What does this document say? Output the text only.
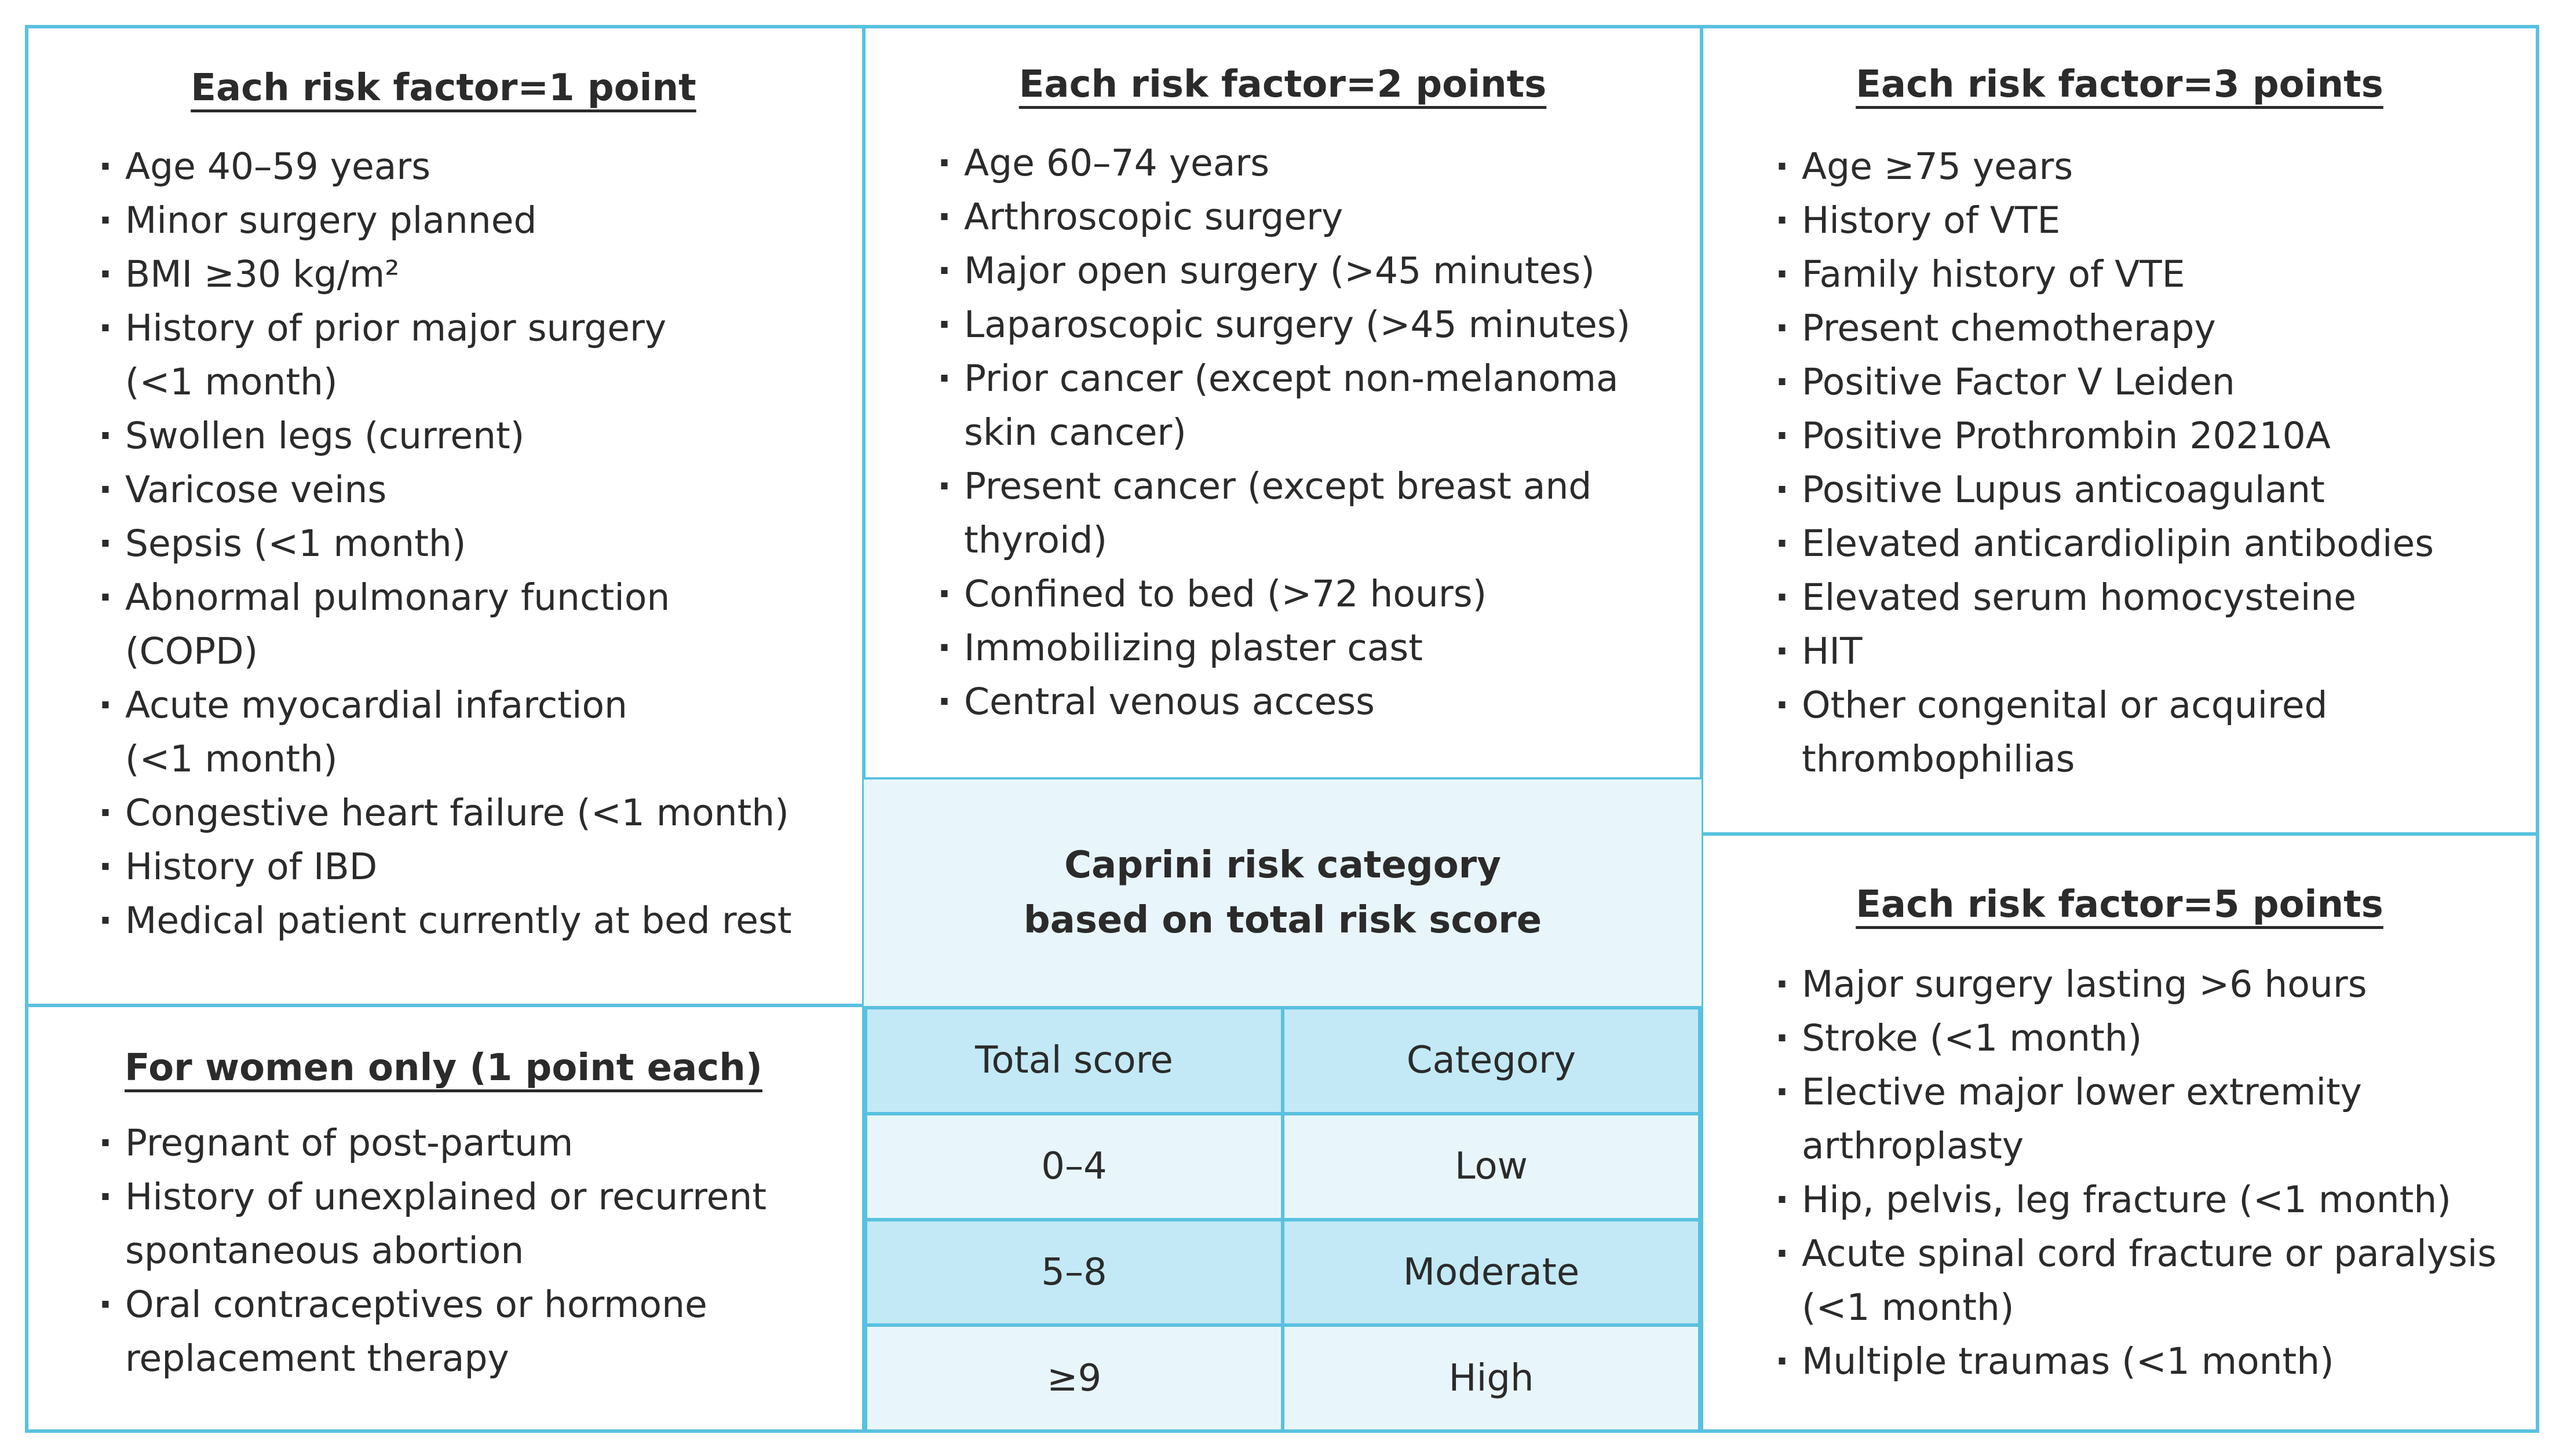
Caprini risk category
based on total risk score
Each risk factor=1 point
· Age 40–59 years
· Minor surgery planned
· BMI ≥30 kg/m²
· History of prior major surgery (<1 month)
· Swollen legs (current)
· Varicose veins
· Sepsis (<1 month)
· Abnormal pulmonary function (COPD)
· Acute myocardial infarction (<1 month)
· Congestive heart failure (<1 month)
· History of IBD
· Medical patient currently at bed rest
Each risk factor=2 points
· Age 60–74 years
· Arthroscopic surgery
· Major open surgery (>45 minutes)
· Laparoscopic surgery (>45 minutes)
· Prior cancer (except non-melanoma skin cancer)
· Present cancer (except breast and thyroid)
· Confined to bed (>72 hours)
· Immobilizing plaster cast
· Central venous access
Each risk factor=3 points
· Age ≥75 years
· History of VTE
· Family history of VTE
· Present chemotherapy
· Positive Factor V Leiden
· Positive Prothrombin 20210A
· Positive Lupus anticoagulant
· Elevated anticardiolipin antibodies
· Elevated serum homocysteine
· HIT
· Other congenital or acquired thrombophilias
For women only (1 point each)
· Pregnant of post-partum
· History of unexplained or recurrent spontaneous abortion
· Oral contraceptives or hormone replacement therapy
Each risk factor=5 points
· Major surgery lasting >6 hours
· Stroke (<1 month)
· Elective major lower extremity arthroplasty
· Hip, pelvis, leg fracture (<1 month)
· Acute spinal cord fracture or paralysis (<1 month)
· Multiple traumas (<1 month)
Total score	Category
0–4	Low
5–8	Moderate
≥9	High
